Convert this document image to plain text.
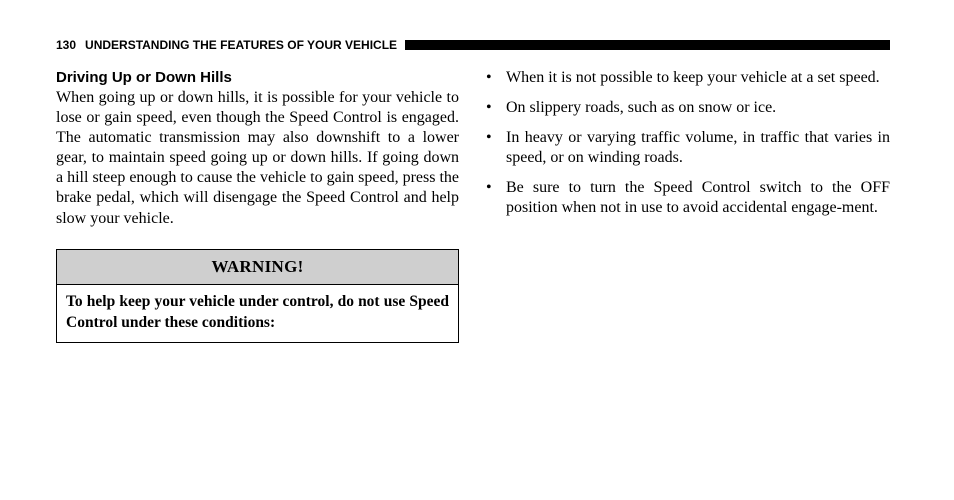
130 UNDERSTANDING THE FEATURES OF YOUR VEHICLE
Driving Up or Down Hills

When going up or down hills, it is possible for your vehicle to lose or gain speed, even though the Speed Control is engaged. The automatic transmission may also downshift to a lower gear, to maintain speed going up or down hills. If going down a hill steep enough to cause the vehicle to gain speed, press the brake pedal, which will disengage the Speed Control and help slow your vehicle.

WARNING!
To help keep your vehicle under control, do not use Speed Control under these conditions:
• When it is not possible to keep your vehicle at a set speed.
• On slippery roads, such as on snow or ice.
• In heavy or varying traffic volume, in traffic that varies in speed, or on winding roads.
• Be sure to turn the Speed Control switch to the OFF position when not in use to avoid accidental engage-ment.
